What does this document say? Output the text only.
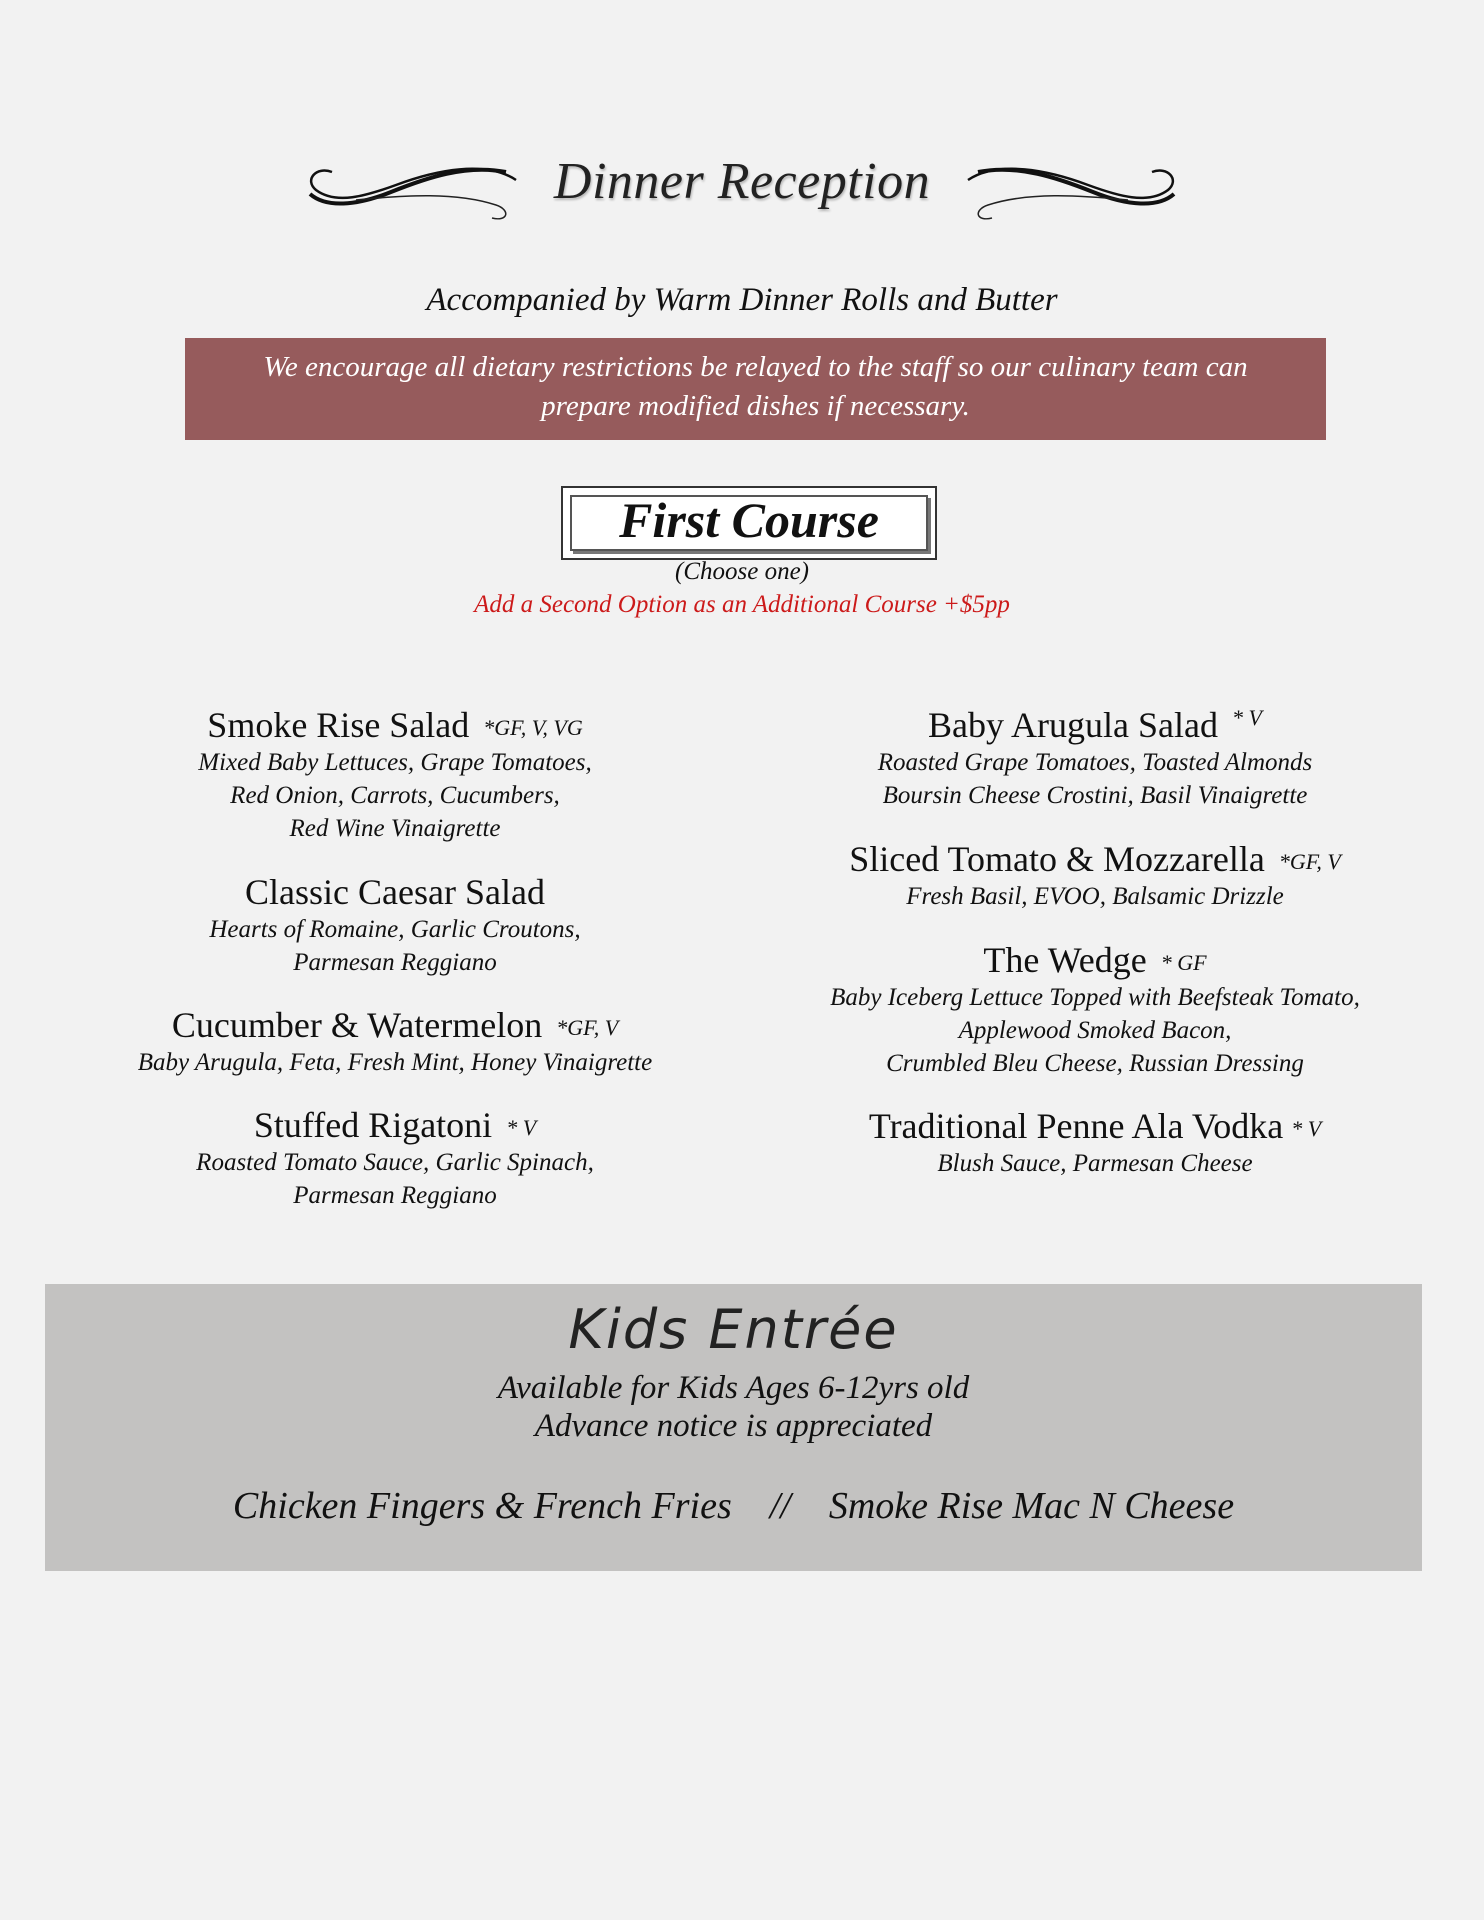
Dinner Reception
Accompanied by Warm Dinner Rolls and Butter
We encourage all dietary restrictions be relayed to the staff so our culinary team can
prepare modified dishes if necessary.
First Course
(Choose one)
Add a Second Option as an Additional Course +$5pp
Smoke Rise Salad *GF, V, VG
Mixed Baby Lettuces, Grape Tomatoes,
Red Onion, Carrots, Cucumbers,
Red Wine Vinaigrette
Classic Caesar Salad
Hearts of Romaine, Garlic Croutons,
Parmesan Reggiano
Cucumber & Watermelon *GF, V
Baby Arugula, Feta, Fresh Mint, Honey Vinaigrette
Stuffed Rigatoni * V
Roasted Tomato Sauce, Garlic Spinach,
Parmesan Reggiano
Baby Arugula Salad $^{* V}$
Roasted Grape Tomatoes, Toasted Almonds
Boursin Cheese Crostini, Basil Vinaigrette
Sliced Tomato & Mozzarella *GF, V
Fresh Basil, EVOO, Balsamic Drizzle
The Wedge * GF
Baby Iceberg Lettuce Topped with Beefsteak Tomato,
Applewood Smoked Bacon,
Crumbled Bleu Cheese, Russian Dressing
Traditional Penne Ala Vodka * V
Blush Sauce, Parmesan Cheese
Kids Entrée
Available for Kids Ages 6-12yrs old
Advance notice is appreciated
Chicken Fingers & French Fries // Smoke Rise Mac N Cheese
